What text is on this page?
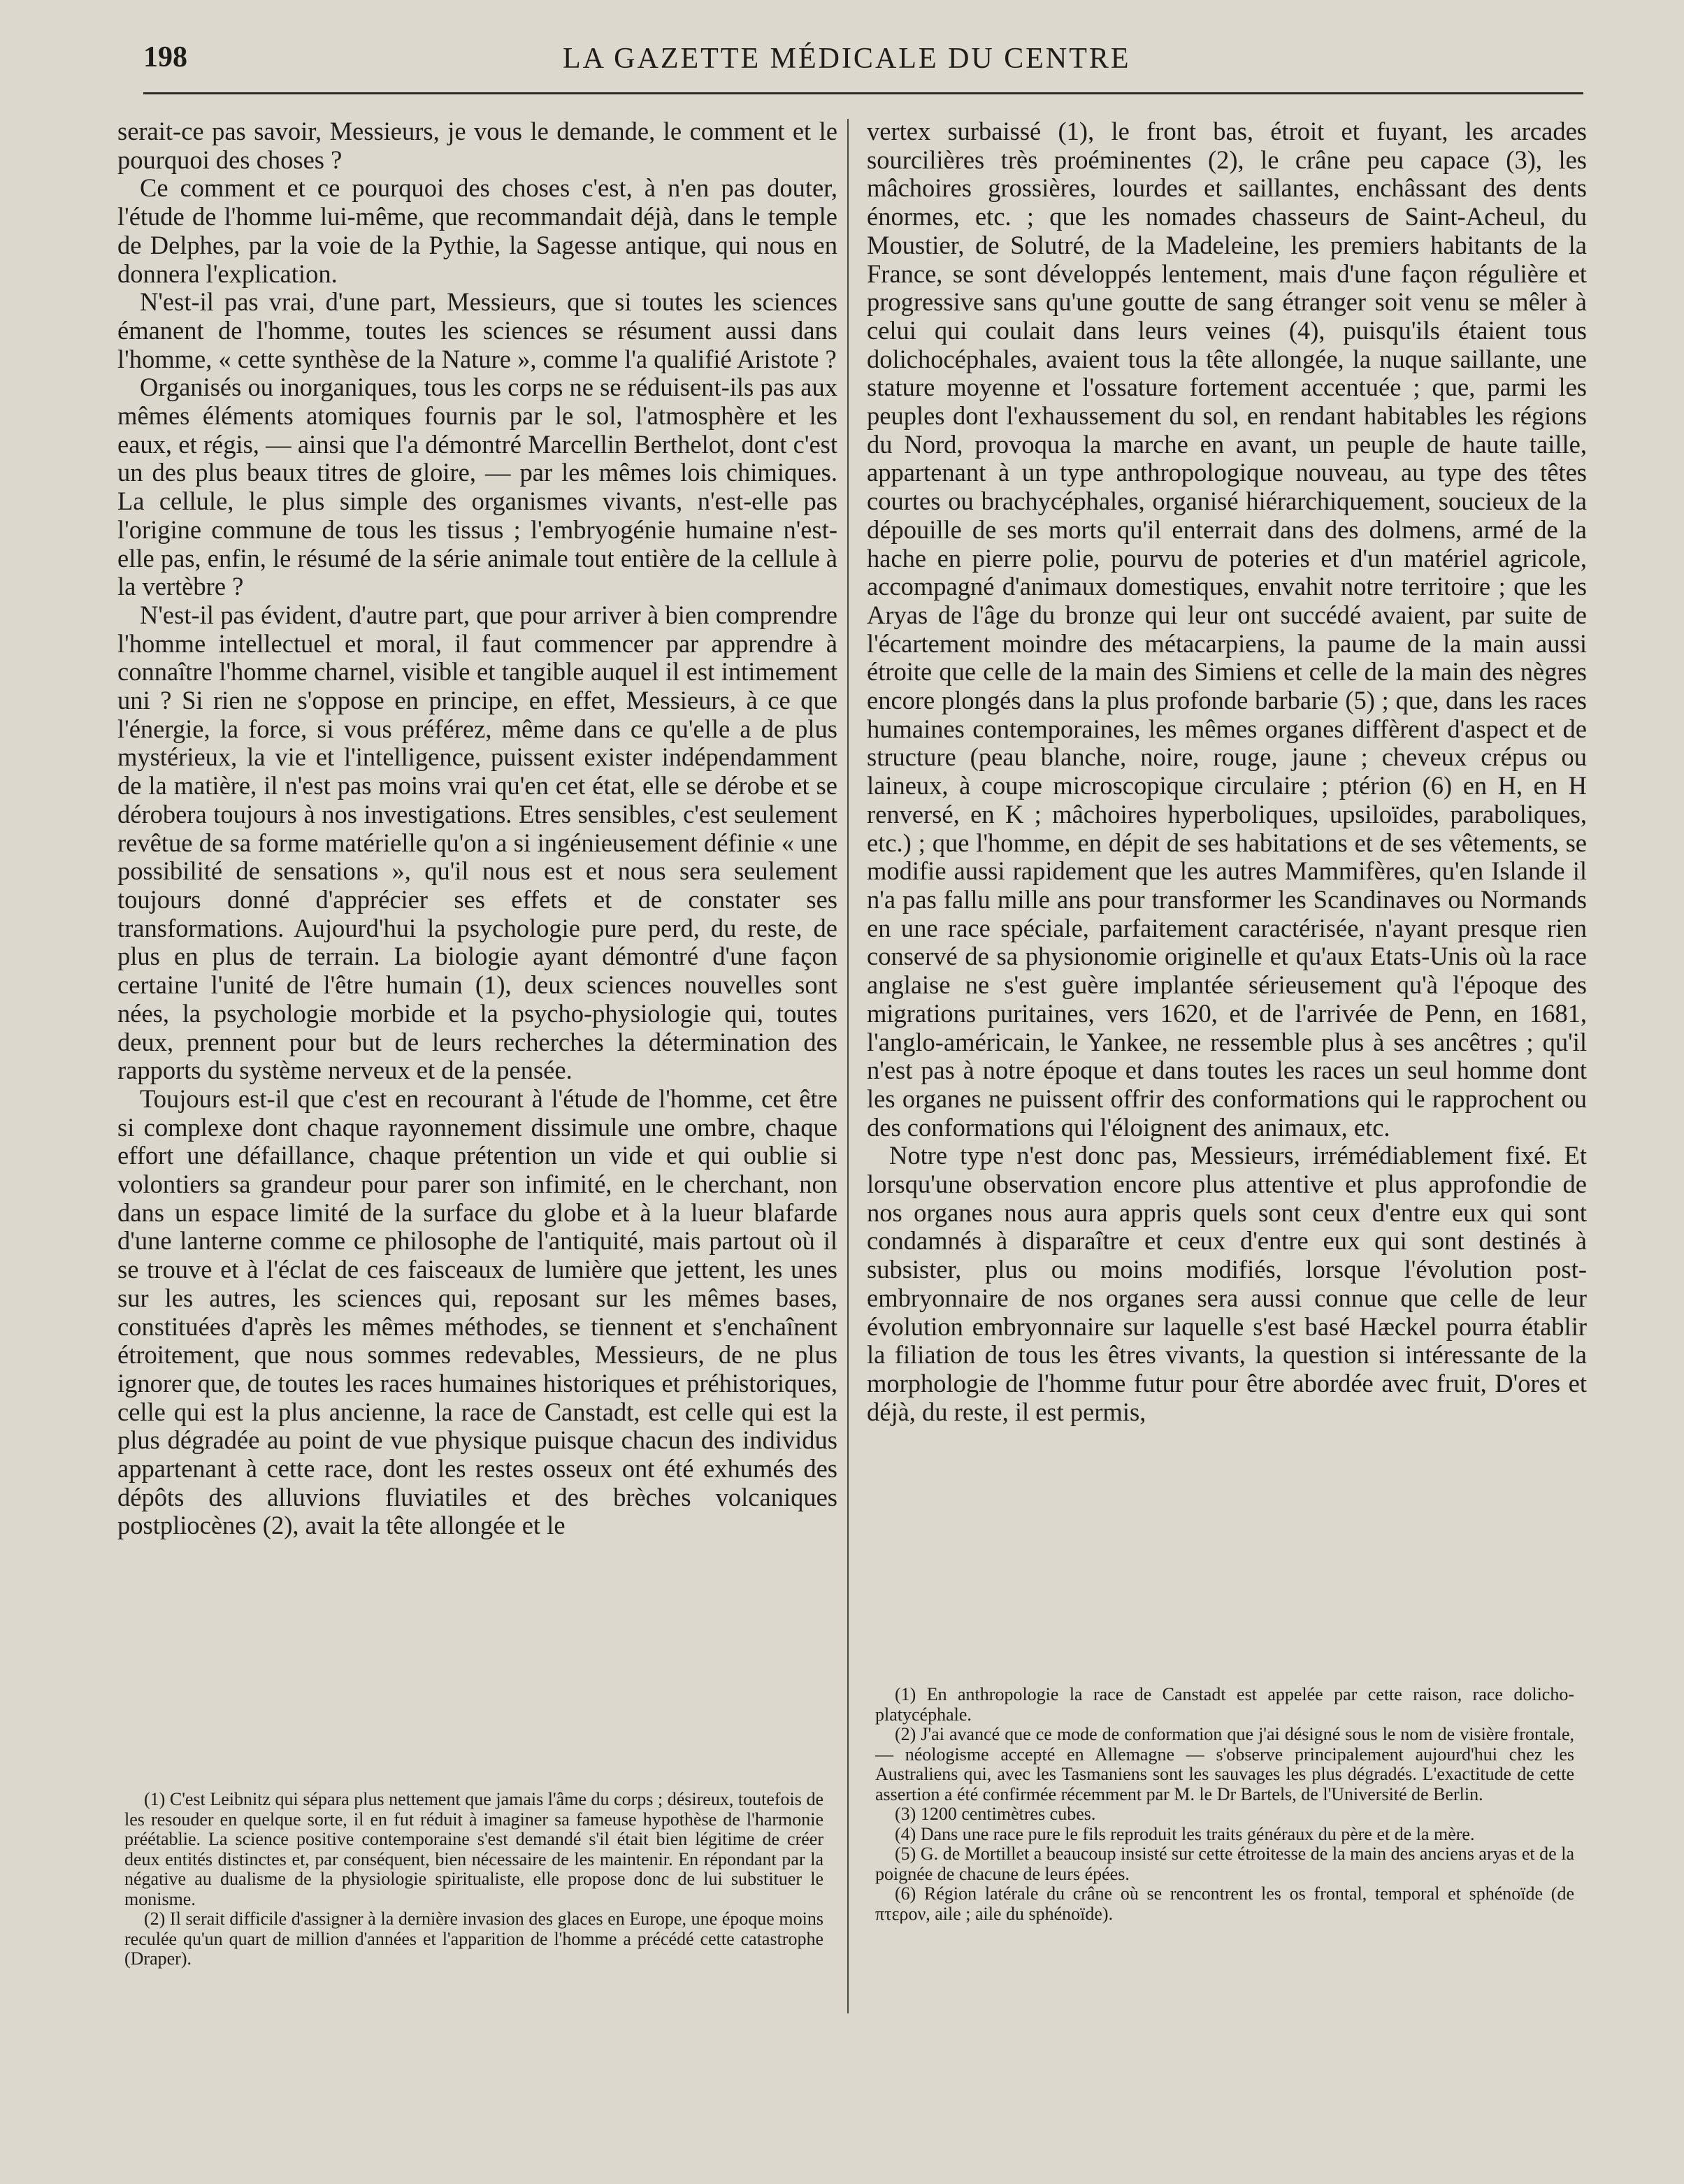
198	LA GAZETTE MÉDICALE DU CENTRE

serait-ce pas savoir, Messieurs, je vous le demande, le comment et le pourquoi des choses ?

Ce comment et ce pourquoi des choses c'est, à n'en pas douter, l'étude de l'homme lui-même, que recommandait déjà, dans le temple de Delphes, par la voie de la Pythie, la Sagesse antique, qui nous en donnera l'explication.

N'est-il pas vrai, d'une part, Messieurs, que si toutes les sciences émanent de l'homme, toutes les sciences se résument aussi dans l'homme, « cette synthèse de la Nature », comme l'a qualifié Aristote ?

Organisés ou inorganiques, tous les corps ne se réduisent-ils pas aux mêmes éléments atomiques fournis par le sol, l'atmosphère et les eaux, et régis, — ainsi que l'a démontré Marcellin Berthelot, dont c'est un des plus beaux titres de gloire, — par les mêmes lois chimiques. La cellule, le plus simple des organismes vivants, n'est-elle pas l'origine commune de tous les tissus ; l'embryogénie humaine n'est-elle pas, enfin, le résumé de la série animale tout entière de la cellule à la vertèbre ?

N'est-il pas évident, d'autre part, que pour arriver à bien comprendre l'homme intellectuel et moral, il faut commencer par apprendre à connaître l'homme charnel, visible et tangible auquel il est intimement uni ? Si rien ne s'oppose en principe, en effet, Messieurs, à ce que l'énergie, la force, si vous préférez, même dans ce qu'elle a de plus mystérieux, la vie et l'intelligence, puissent exister indépendamment de la matière, il n'est pas moins vrai qu'en cet état, elle se dérobe et se dérobera toujours à nos investigations. Etres sensibles, c'est seulement revêtue de sa forme matérielle qu'on a si ingénieusement définie « une possibilité de sensations », qu'il nous est et nous sera seulement toujours donné d'apprécier ses effets et de constater ses transformations. Aujourd'hui la psychologie pure perd, du reste, de plus en plus de terrain. La biologie ayant démontré d'une façon certaine l'unité de l'être humain (1), deux sciences nouvelles sont nées, la psychologie morbide et la psycho-physiologie qui, toutes deux, prennent pour but de leurs recherches la détermination des rapports du système nerveux et de la pensée.

Toujours est-il que c'est en recourant à l'étude de l'homme, cet être si complexe dont chaque rayonnement dissimule une ombre, chaque effort une défaillance, chaque prétention un vide et qui oublie si volontiers sa grandeur pour parer son infimité, en le cherchant, non dans un espace limité de la surface du globe et à la lueur blafarde d'une lanterne comme ce philosophe de l'antiquité, mais partout où il se trouve et à l'éclat de ces faisceaux de lumière que jettent, les unes sur les autres, les sciences qui, reposant sur les mêmes bases, constituées d'après les mêmes méthodes, se tiennent et s'enchaînent étroitement, que nous sommes redevables, Messieurs, de ne plus ignorer que, de toutes les races humaines historiques et préhistoriques, celle qui est la plus ancienne, la race de Canstadt, est celle qui est la plus dégradée au point de vue physique puisque chacun des individus appartenant à cette race, dont les restes osseux ont été exhumés des dépôts des alluvions fluviatiles et des brèches volcaniques postpliocènes (2), avait la tête allongée et le

vertex surbaissé (1), le front bas, étroit et fuyant, les arcades sourcilières très proéminentes (2), le crâne peu capace (3), les mâchoires grossières, lourdes et saillantes, enchâssant des dents énormes, etc. ; que les nomades chasseurs de Saint-Acheul, du Moustier, de Solutré, de la Madeleine, les premiers habitants de la France, se sont développés lentement, mais d'une façon régulière et progressive sans qu'une goutte de sang étranger soit venu se mêler à celui qui coulait dans leurs veines (4), puisqu'ils étaient tous dolichocéphales, avaient tous la tête allongée, la nuque saillante, une stature moyenne et l'ossature fortement accentuée ; que, parmi les peuples dont l'exhaussement du sol, en rendant habitables les régions du Nord, provoqua la marche en avant, un peuple de haute taille, appartenant à un type anthropologique nouveau, au type des têtes courtes ou brachycéphales, organisé hiérarchiquement, soucieux de la dépouille de ses morts qu'il enterrait dans des dolmens, armé de la hache en pierre polie, pourvu de poteries et d'un matériel agricole, accompagné d'animaux domestiques, envahit notre territoire ; que les Aryas de l'âge du bronze qui leur ont succédé avaient, par suite de l'écartement moindre des métacarpiens, la paume de la main aussi étroite que celle de la main des Simiens et celle de la main des nègres encore plongés dans la plus profonde barbarie (5) ; que, dans les races humaines contemporaines, les mêmes organes diffèrent d'aspect et de structure (peau blanche, noire, rouge, jaune ; cheveux crépus ou laineux, à coupe microscopique circulaire ; ptérion (6) en H, en H renversé, en K ; mâchoires hyperboliques, upsiloïdes, paraboliques, etc.) ; que l'homme, en dépit de ses habitations et de ses vêtements, se modifie aussi rapidement que les autres Mammifères, qu'en Islande il n'a pas fallu mille ans pour transformer les Scandinaves ou Normands en une race spéciale, parfaitement caractérisée, n'ayant presque rien conservé de sa physionomie originelle et qu'aux Etats-Unis où la race anglaise ne s'est guère implantée sérieusement qu'à l'époque des migrations puritaines, vers 1620, et de l'arrivée de Penn, en 1681, l'anglo-américain, le Yankee, ne ressemble plus à ses ancêtres ; qu'il n'est pas à notre époque et dans toutes les races un seul homme dont les organes ne puissent offrir des conformations qui le rapprochent ou des conformations qui l'éloignent des animaux, etc.

Notre type n'est donc pas, Messieurs, irrémédiablement fixé. Et lorsqu'une observation encore plus attentive et plus approfondie de nos organes nous aura appris quels sont ceux d'entre eux qui sont condamnés à disparaître et ceux d'entre eux qui sont destinés à subsister, plus ou moins modifiés, lorsque l'évolution post-embryonnaire de nos organes sera aussi connue que celle de leur évolution embryonnaire sur laquelle s'est basé Hæckel pourra établir la filiation de tous les êtres vivants, la question si intéressante de la morphologie de l'homme futur pour être abordée avec fruit, D'ores et déjà, du reste, il est permis,

(1) C'est Leibnitz qui sépara plus nettement que jamais l'âme du corps ; désireux, toutefois de les resouder en quelque sorte, il en fut réduit à imaginer sa fameuse hypothèse de l'harmonie préétablie. La science positive contemporaine s'est demandé s'il était bien légitime de créer deux entités distinctes et, par conséquent, bien nécessaire de les maintenir. En répondant par la négative au dualisme de la physiologie spiritualiste, elle propose donc de lui substituer le monisme.

(2) Il serait difficile d'assigner à la dernière invasion des glaces en Europe, une époque moins reculée qu'un quart de million d'années et l'apparition de l'homme a précédé cette catastrophe (Draper).

(1) En anthropologie la race de Canstadt est appelée par cette raison, race dolicho-platycéphale.

(2) J'ai avancé que ce mode de conformation que j'ai désigné sous le nom de visière frontale, — néologisme accepté en Allemagne — s'observe principalement aujourd'hui chez les Australiens qui, avec les Tasmaniens sont les sauvages les plus dégradés. L'exactitude de cette assertion a été confirmée récemment par M. le Dr Bartels, de l'Université de Berlin.

(3) 1200 centimètres cubes.

(4) Dans une race pure le fils reproduit les traits généraux du père et de la mère.

(5) G. de Mortillet a beaucoup insisté sur cette étroitesse de la main des anciens aryas et de la poignée de chacune de leurs épées.

(6) Région latérale du crâne où se rencontrent les os frontal, temporal et sphénoïde (de πτερον, aile ; aile du sphénoïde).
